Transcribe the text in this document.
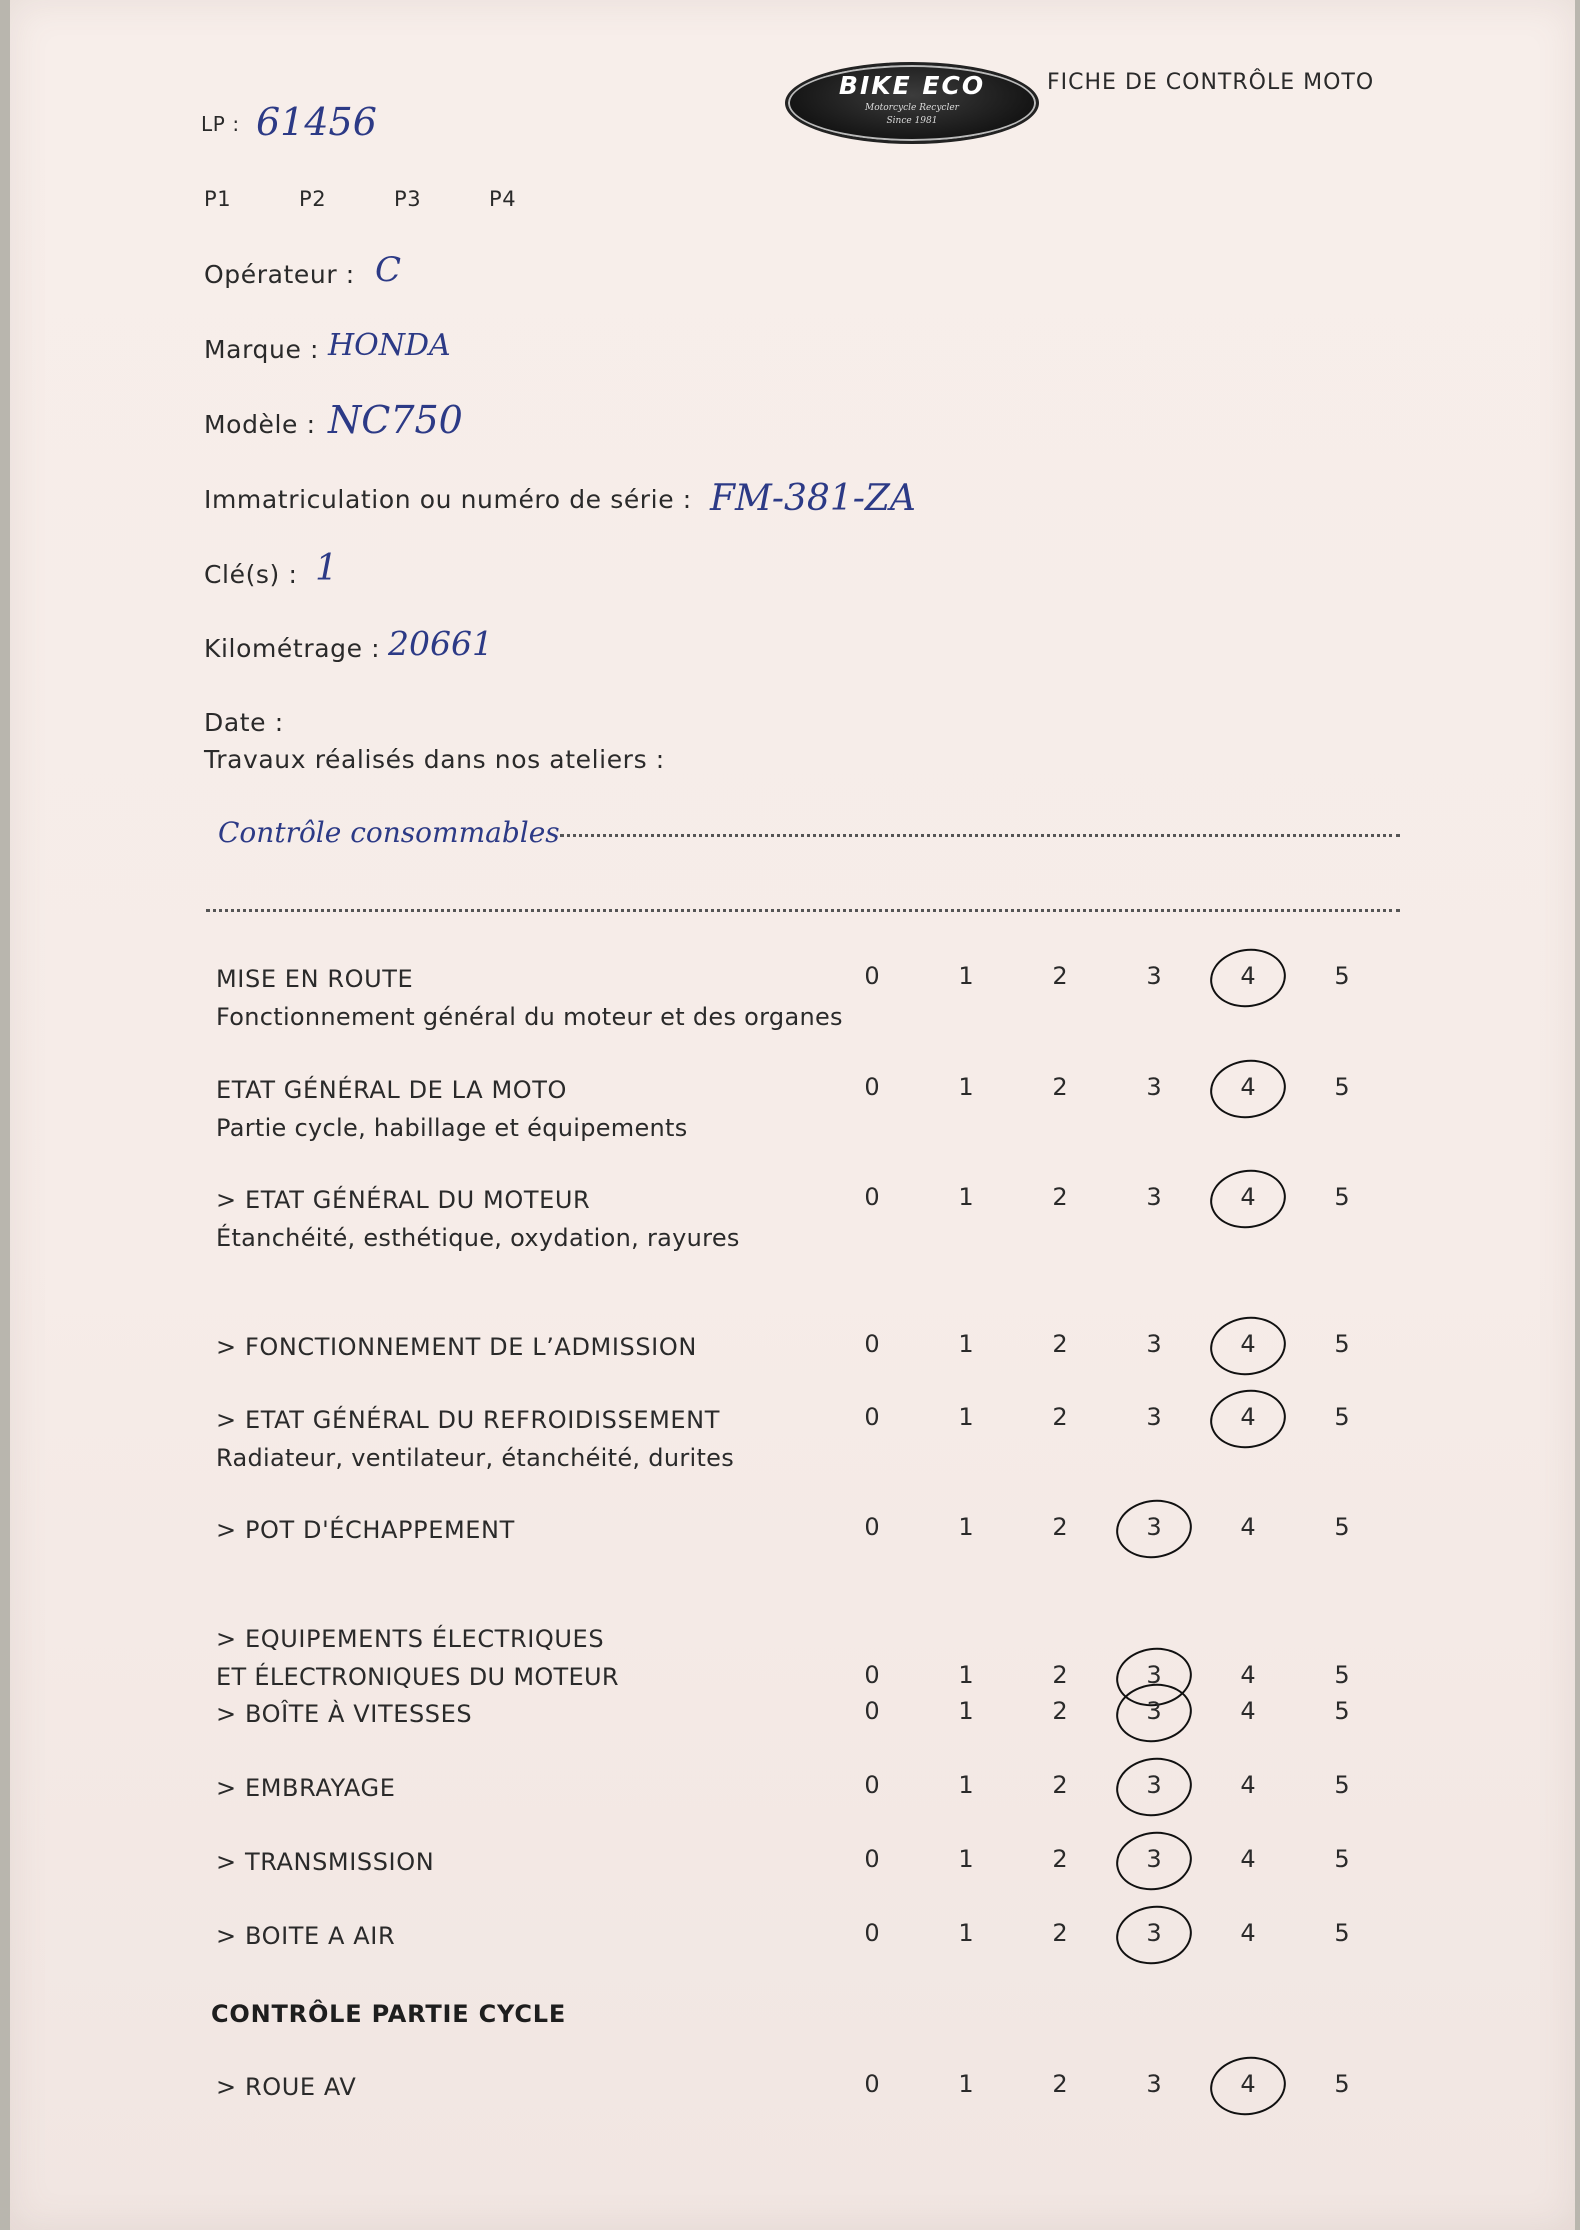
BIKE ECO
Motorcycle Recycler
Since 1981
FICHE DE CONTRÔLE MOTO
LP : 61456
P1	P2	P3	P4
Opérateur : C
Marque : HONDA
Modèle : NC750
Immatriculation ou numéro de série : FM-381-ZA
Clé(s) : 1
Kilométrage : 20661
Date :
Travaux réalisés dans nos ateliers :
Contrôle consommables
MISE EN ROUTE
Fonctionnement général du moteur et des organes
0	1	2	3	4	5
ETAT GÉNÉRAL DE LA MOTO
Partie cycle, habillage et équipements
0	1	2	3	4	5
> ETAT GÉNÉRAL DU MOTEUR
Étanchéité, esthétique, oxydation, rayures
0	1	2	3	4	5
> FONCTIONNEMENT DE L’ADMISSION	0	1	2	3	4	5
> ETAT GÉNÉRAL DU REFROIDISSEMENT
Radiateur, ventilateur, étanchéité, durites
0	1	2	3	4	5
> POT D'ÉCHAPPEMENT	0	1	2	3	4	5
> EQUIPEMENTS ÉLECTRIQUES
ET ÉLECTRONIQUES DU MOTEUR	0	1	2	3	4	5
> BOÎTE À VITESSES	0	1	2	3	4	5
> EMBRAYAGE	0	1	2	3	4	5
> TRANSMISSION	0	1	2	3	4	5
> BOITE A AIR	0	1	2	3	4	5
CONTRÔLE PARTIE CYCLE
> ROUE AV	0	1	2	3	4	5
